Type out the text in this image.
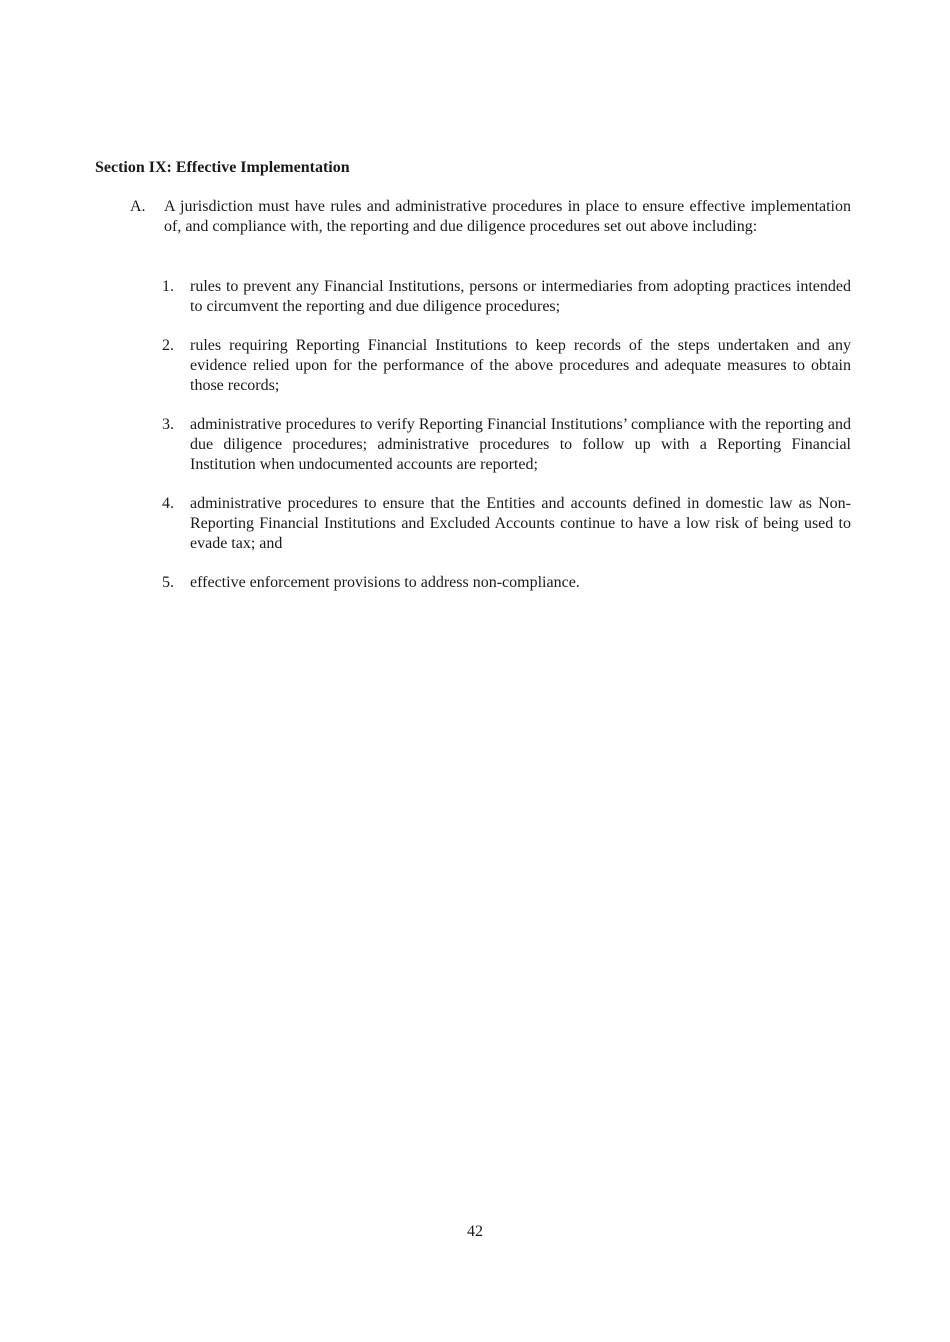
Section IX: Effective Implementation
A.	A jurisdiction must have rules and administrative procedures in place to ensure effective implementation of, and compliance with, the reporting and due diligence procedures set out above including:
1.	rules to prevent any Financial Institutions, persons or intermediaries from adopting practices intended to circumvent the reporting and due diligence procedures;
2.	rules requiring Reporting Financial Institutions to keep records of the steps undertaken and any evidence relied upon for the performance of the above procedures and adequate measures to obtain those records;
3.	administrative procedures to verify Reporting Financial Institutions’ compliance with the reporting and due diligence procedures; administrative procedures to follow up with a Reporting Financial Institution when undocumented accounts are reported;
4.	administrative procedures to ensure that the Entities and accounts defined in domestic law as Non-Reporting Financial Institutions and Excluded Accounts continue to have a low risk of being used to evade tax; and
5.	effective enforcement provisions to address non-compliance.
42
